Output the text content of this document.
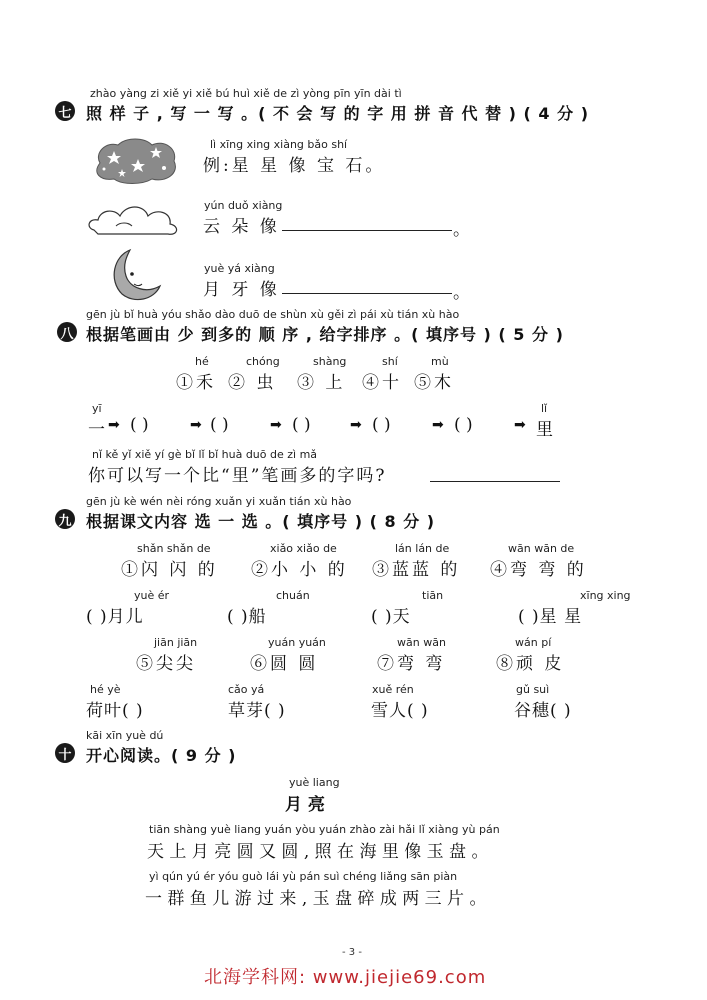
zhào yàng zi xiě yi xiě bú huì xiě de zì yòng pīn yīn dài tì
七 照 样 子 , 写 一 写 。( 不 会 写 的 字 用 拼 音 代 替 ) ( 4 分 )
lì xīng xing xiàng bǎo shí
例:星 星 像 宝 石。
yún duǒ xiàng
云 朵 像	。
yuè yá xiàng
月 牙 像	。
gēn jù bǐ huà yóu shǎo dào duō de shùn xù gěi zì pái xù tián xù hào
八 根据笔画由 少 到多的 顺 序 , 给字排序 。( 填序号 ) ( 5 分 )
hé	chóng	shàng	shí	mù
①禾 ② 虫 ③ 上 ④十 ⑤木
yī	lǐ
一 ➡ ( )	➡ ( )	➡ ( )	➡ ( )	➡ ( )	➡ 里
nǐ kě yǐ xiě yí gè bǐ lǐ bǐ huà duō de zì mǎ
你可以写一个比“里”笔画多的字吗?
gēn jù kè wén nèi róng xuǎn yi xuǎn tián xù hào
九 根据课文内容 选 一 选 。( 填序号 ) ( 8 分 )
shǎn shǎn de	xiǎo xiǎo de	lán lán de	wān wān de
①闪 闪 的 ②小 小 的 ③蓝蓝 的 ④弯 弯 的
yuè ér	chuán	tiān	xīng xing
( )月儿	( )船	( )天	( )星 星
jiān jiān	yuán yuán	wān wān	wán pí
⑤尖尖	⑥圆 圆	⑦弯 弯	⑧顽 皮
hé yè	cǎo yá	xuě rén	gǔ suì
荷叶( )	草芽( )	雪人( )	谷穗( )
kāi xīn yuè dú
十 开心阅读。( 9 分 )
yuè liang
月 亮
tiān shàng yuè liang yuán yòu yuán zhào zài hǎi lǐ xiàng yù pán
天 上 月 亮 圆 又 圆 , 照 在 海 里 像 玉 盘 。
yì qún yú ér yóu guò lái yù pán suì chéng liǎng sān piàn
一 群 鱼 儿 游 过 来 , 玉 盘 碎 成 两 三 片 。
- 3 -
北海学科网: www.jiejie69.com
